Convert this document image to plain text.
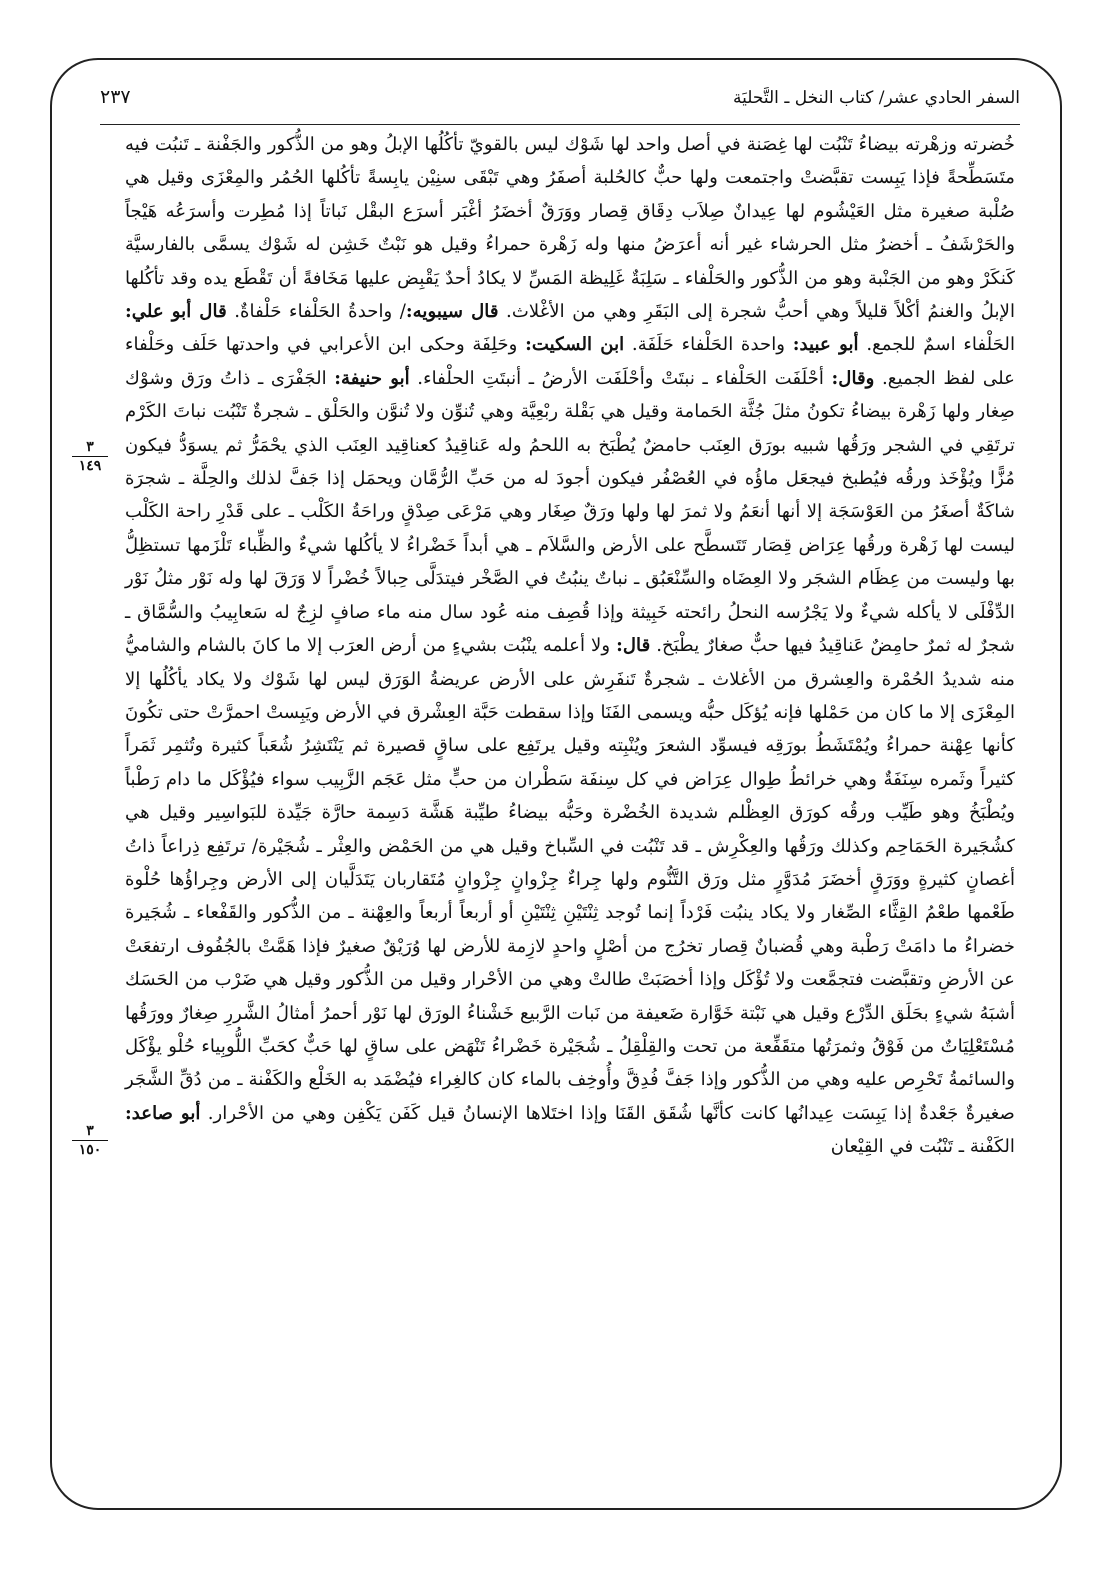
السفر الحادي عشر/ كتاب النخل ـ التَّحليَة
٢٣٧
٣
١٤٩
٣
١٥٠

خُضرته وزهْرته بيضاءُ تَنْبُت لها غِصَنة في أصل واحد لها شَوْك ليس بالقويّ تأكُلُها الإبلُ وهو من الذُّكور والجَفْنة ـ تَنبُت فيه متَسَطِّحةً فإذا يَبِست تقبَّضتْ واجتمعت ولها حبٌّ كالحُلبة أصفَرُ وهي تَبْقَى سنِيْن يابِسةً تأكُلها الحُمُر والمِعْزَى وقيل هي صُلْبة صغيرة مثل العَيْشُوم لها عِيدانٌ صِلاَب دِقَاق قِصار ووَرَقٌ أخضَرُ أغْبَر أسرَع البقْل نَباتاً إذا مُطِرت وأسرَعُه هَيْجاً والحَرْشَفُ ـ أخضرُ مثل الحرشاء غير أنه أعرَضُ منها وله زَهْرة حمراءُ وقيل هو نَبْتٌ خَشِن له شَوْك يسمَّى بالفارسيَّة كَنكَرْ وهو من الجَنْبة وهو من الذُّكور والحَلْفاء ـ سَلِبَةٌ غَلِيظة المَسِّ لا يكادُ أحدٌ يَقْبِض عليها مَخَافةً أن تَقْطَع يده وقد تأكُلها الإبلُ والغنمُ أكْلاً قليلاً وهي أحبُّ شجرة إلى البَقَرِ وهي من الأغْلاث. قال سيبويه:/ واحدةُ الحَلْفاء حَلْفاةٌ. قال أبو علي: الحَلْفاء اسمٌ للجمع. أبو عبيد: واحدة الحَلْفاء حَلَفَة. ابن السكيت: وحَلِفَة وحكى ابن الأعرابي في واحدتها حَلَف وحَلْفاء على لفظ الجميع. وقال: أحْلَفَت الحَلْفاء ـ نبتَتْ وأحْلَفَت الأرضُ ـ أنبتَتِ الحلْفاء. أبو حنيفة: الجَفْرَى ـ ذاتُ ورَق وشوْك صِغار ولها زَهْرة بيضاءُ تكونُ مثلَ جُثَّة الحَمامة وقيل هي بَقْلة ربْعِيَّة وهي تُنوِّن ولا تُنوَّن والحَلْق ـ شجرةٌ تَنْبُت نباتَ الكَرْم ترتَقِي في الشجر ورَقُها شبيه بورَق العِنَب حامضٌ يُطْبَخ به اللحمُ وله عَناقِيدُ كعناقِيد العِنَب الذي يحْمَرُّ ثم يسوَدُّ فيكون مُزًّا ويُؤْخَذ ورقُه فيُطبخ فيجعَل ماؤُه في العُصْفُر فيكون أجودَ له من حَبِّ الرُّمَّان ويحمَل إذا جَفَّ لذلك والحِلَّة ـ شجرَة شاكَةٌ أصغَرُ من العَوْسَجَة إلا أنها أنعَمُ ولا ثمرَ لها ولها ورَقٌ صِغَار وهي مَرْعَى صِدْقٍ وراحَةُ الكَلْب ـ على قَدْرِ راحة الكَلْب ليست لها زَهْرة ورقُها عِرَاض قِصَار تَتَسطَّح على الأرض والسَّلاَم ـ هي أبداً خَضْراءُ لا يأكُلها شيءٌ والظِّباء تَلْزَمها تستظِلُّ بها وليست من عِظَام الشجَر ولا العِضَاه والسِّنْعَبُق ـ نباتٌ ينبُتُ في الصَّخْر فيتدَلَّى حِبالاً خُضْراً لا وَرَقَ لها وله نَوْر مثلُ نَوْر الدِّفْلَى لا يأكله شيءٌ ولا يَجْرُسه النحلُ رائحته خَبِيثة وإذا قُصِف منه عُود سال منه ماء صافٍ لزِجٌ له سَعابِيبُ والسُّمَّاق ـ شجرٌ له ثمرٌ حامِضٌ عَناقِيدُ فيها حبٌّ صغارٌ يطْبَخ. قال: ولا أعلمه ينْبُت بشيءٍ من أرض العرَب إلا ما كانَ بالشام والشاميُّ منه شديدُ الحُمْرة والعِشرق من الأغلاث ـ شجرةٌ تَنفَرِش على الأرض عريضةُ الوَرَق ليس لها شَوْك ولا يكاد يأكُلُها إلا المِعْزَى إلا ما كان من حَمْلها فإنه يُؤكَل حبُّه ويسمى الفَنَا وإذا سقطت حَبَّة العِشْرق في الأرض ويَبِستْ احمرَّتْ حتى تكُونَ كأنها عِهْنة حمراءُ ويُمْتَشَطُ بورَقِه فيسوِّد الشعرَ ويُنْبِته وقيل يرتَفِع على ساقٍ قصيرة ثم يَنْتَشِرُ شُعَباً كثيرة وتُثمِر ثَمَراً كثيراً وثَمره سِنَفَةٌ وهي خرائطُ طِوال عِرَاض في كل سِنفَة سَطْران من حبٍّ مثل عَجَم الزَّبِيب سواء فيُؤْكَل ما دام رَطْباً ويُطْبَخُ وهو طَيِّب ورقُه كورَق العِظْلم شديدة الخُضْرة وحَبُّه بيضاءُ طيِّبة هَشَّة دَسِمة حارَّة جَيِّدة للبَواسِير وقيل هي كشُجَيرة الحَمَاحِم وكذلك ورَقُها والعِكْرِش ـ قد تَنْبُت في السِّباخ وقيل هي من الحَمْض والعِثْر ـ شُجَيْرة/ ترتَفِع ذِراعاً ذاتُ أغصانٍ كثيرةٍ ووَرَقٍ أخضَرَ مُدَوَّرٍ مثل ورَق التَّنُّوم ولها جِراءٌ جِزْوانٍ جِزْوانٍ مُتَقاربان يَتَدَلَّيان إلى الأرض وجِراؤُها حُلْوة طَعْمها طعْمُ القِثَّاء الصِّغار ولا يكاد ينبُت فَرْداً إنما تُوجد ثِنْتَيْنِ ثِنْتَيْنِ أو أربعاً أربعاً والعِهْنة ـ من الذُّكور والقَفْعاء ـ شُجَيرة خضراءُ ما دامَتْ رَطْبة وهي قُضبانٌ قِصار تخرُج من أصْلٍ واحدٍ لازِمة للأرض لها وُرَيْقٌ صغيرٌ فإذا هَمَّتْ بالجُفُوف ارتفعَتْ عن الأرضِ وتقبَّضت فتجمَّعت ولا تُؤْكَل وإذا أخصَبَتْ طالتْ وهي من الأحْرار وقيل من الذُّكور وقيل هي ضَرْب من الحَسَك أشبَهُ شيءٍ بحَلَق الدِّرْع وقيل هي نَبْتة خَوَّارة ضَعيفة من نَبات الرَّبيع خَشْناءُ الورَق لها نَوْر أحمرُ أمثالُ الشَّررِ صِغارٌ وورَقُها مُسْتَعْلِيَاتٌ من فَوْقُ وثمرَتُها متقَفِّعة من تحت والقِلْقِلُ ـ شُجَيْرة خَضْراءُ تَنْهَض على ساقٍ لها حَبٌّ كحَبِّ اللُّوبِياء حُلْو يؤْكَل والسائمةُ تَحْرِص عليه وهي من الذُّكور وإذا جَفَّ فُدِقَّ وأُوخِف بالماء كان كالغِراء فيُضْمَد به الخَلْع والكَفْنة ـ من دُقِّ الشَّجَر صغيرةٌ جَعْدةٌ إذا يَبِسَت عِيدانُها كانت كأنَّها شُقَق القَنَا وإذا اختَلاها الإنسانُ قيل كَفَن يَكْفِن وهي من الأحْرار. أبو صاعد: الكَفْنة ـ تَنْبُت في القِيْعان
